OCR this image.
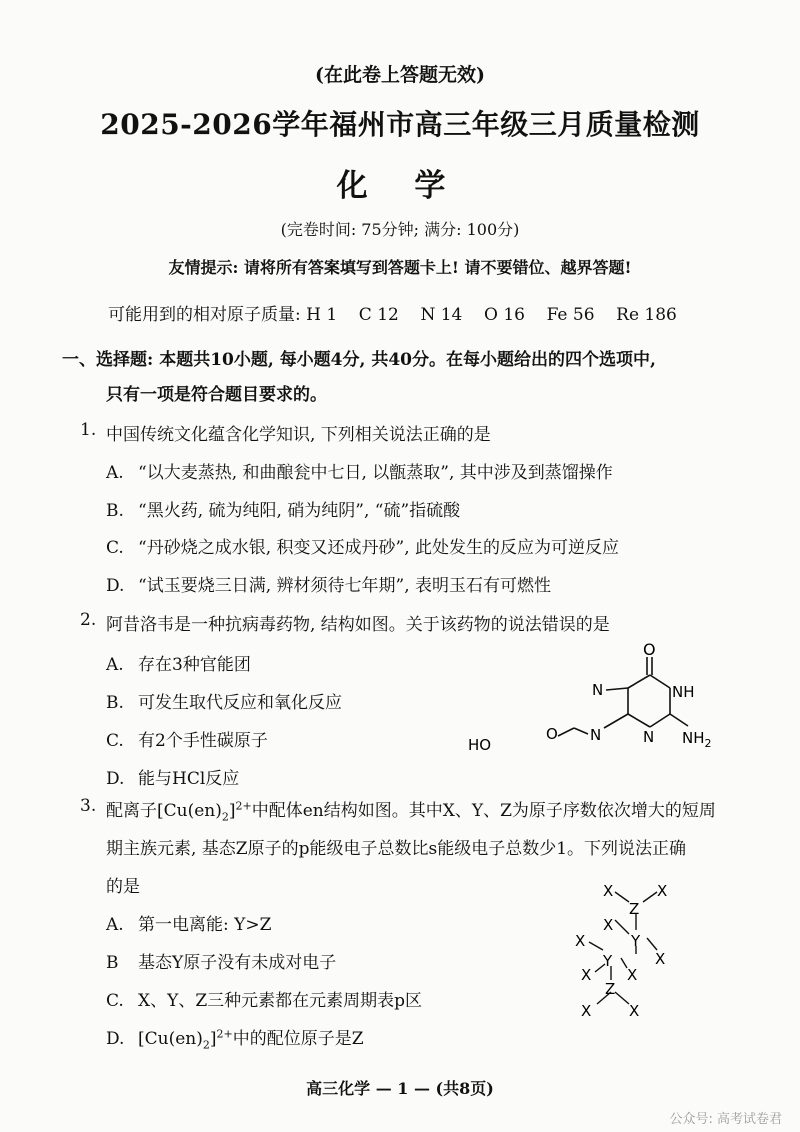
(在此卷上答题无效)
2025-2026学年福州市高三年级三月质量检测
化 学
(完卷时间: 75分钟; 满分: 100分)
友情提示: 请将所有答案填写到答题卡上! 请不要错位、越界答题!
可能用到的相对原子质量: H 1    C 12    N 14    O 16    Fe 56    Re 186
一、选择题: 本题共10小题, 每小题4分, 共40分。在每小题给出的四个选项中,
只有一项是符合题目要求的。
1. 中国传统文化蕴含化学知识, 下列相关说法正确的是
A. “以大麦蒸热, 和曲酿瓮中七日, 以甑蒸取”, 其中涉及到蒸馏操作
B. “黑火药, 硫为纯阳, 硝为纯阴”, “硫”指硫酸
C. “丹砂烧之成水银, 积变又还成丹砂”, 此处发生的反应为可逆反应
D. “试玉要烧三日满, 辨材须待七年期”, 表明玉石有可燃性
2. 阿昔洛韦是一种抗病毒药物, 结构如图。关于该药物的说法错误的是
A. 存在3种官能团
B. 可发生取代反应和氧化反应
C. 有2个手性碳原子
D. 能与HCl反应
O
N	NH
$NH_2$
N
N
O
HO
3. 配离子$[Cu(en)_2]^{2+}$中配体en结构如图。其中X、Y、Z为原子序数依次增大的短周
期主族元素, 基态Z原子的p能级电子总数比s能级电子总数少1。下列说法正确
的是
A. 第一电离能: Y>Z
B 基态Y原子没有未成对电子
C. X、Y、Z三种元素都在元素周期表p区
D. $[Cu(en)_2]^{2+}$中的配位原子是Z
X	X
Z
X
Y
X
X
Y
X X
Z
X	X
高三化学 — 1 — (共8页)
公众号: 高考试卷君
